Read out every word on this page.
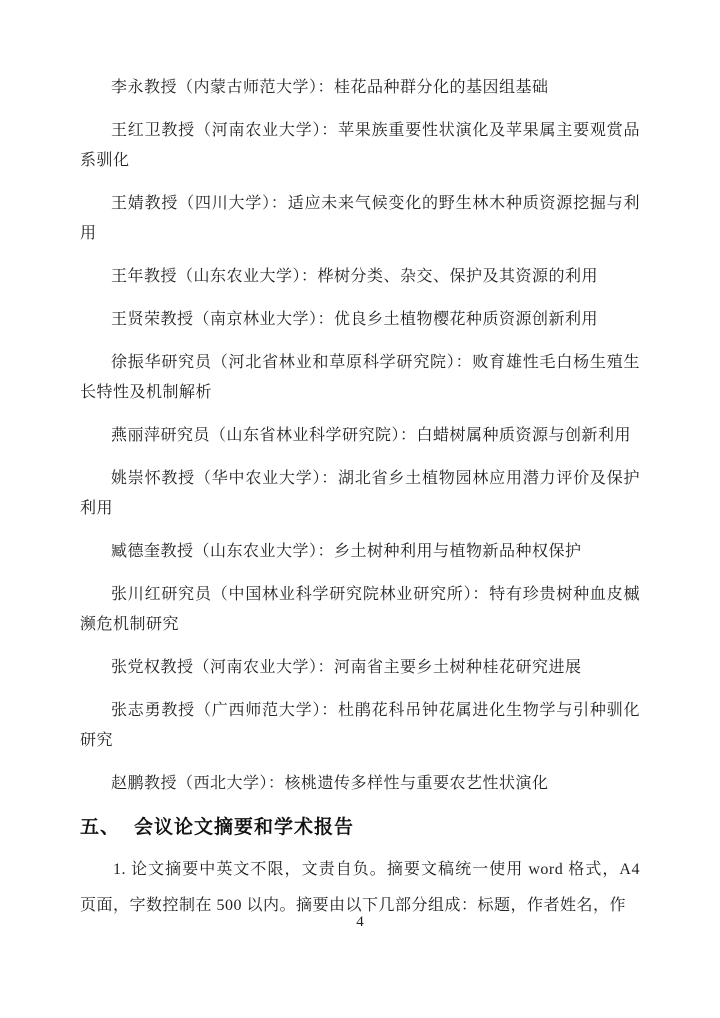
李永教授（内蒙古师范大学）：桂花品种群分化的基因组基础

王红卫教授（河南农业大学）：苹果族重要性状演化及苹果属主要观赏品系驯化

王婧教授（四川大学）：适应未来气候变化的野生林木种质资源挖掘与利用

王年教授（山东农业大学）：桦树分类、杂交、保护及其资源的利用

王贤荣教授（南京林业大学）：优良乡土植物樱花种质资源创新利用

徐振华研究员（河北省林业和草原科学研究院）：败育雄性毛白杨生殖生长特性及机制解析

燕丽萍研究员（山东省林业科学研究院）：白蜡树属种质资源与创新利用

姚崇怀教授（华中农业大学）：湖北省乡土植物园林应用潜力评价及保护利用

臧德奎教授（山东农业大学）：乡土树种利用与植物新品种权保护

张川红研究员（中国林业科学研究院林业研究所）：特有珍贵树种血皮槭濒危机制研究

张党权教授（河南农业大学）：河南省主要乡土树种桂花研究进展

张志勇教授（广西师范大学）：杜鹃花科吊钟花属进化生物学与引种驯化研究

赵鹏教授（西北大学）：核桃遗传多样性与重要农艺性状演化

五、 会议论文摘要和学术报告

1. 论文摘要中英文不限，文责自负。摘要文稿统一使用 word 格式，A4 页面，字数控制在 500 以内。摘要由以下几部分组成：标题，作者姓名，作

4
